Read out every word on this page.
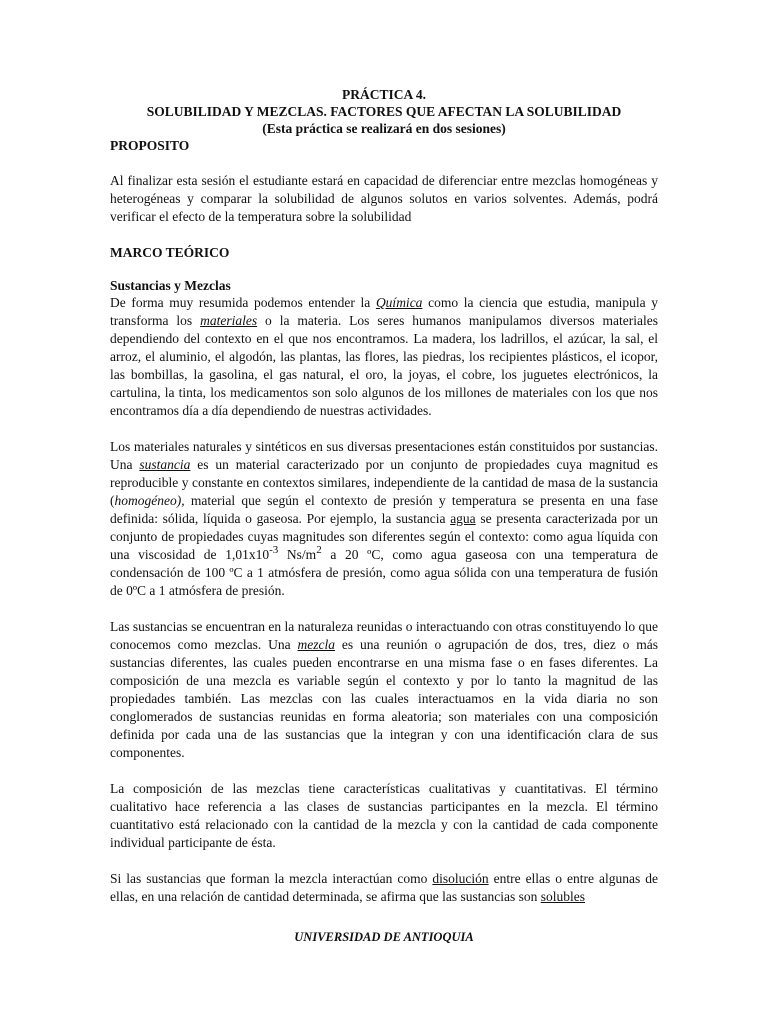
PRÁCTICA 4.
SOLUBILIDAD Y MEZCLAS. FACTORES QUE AFECTAN LA SOLUBILIDAD
(Esta práctica se realizará en dos sesiones)
PROPOSITO

Al finalizar esta sesión el estudiante estará en capacidad de diferenciar entre mezclas homogéneas y heterogéneas y comparar la solubilidad de algunos solutos en varios solventes. Además, podrá verificar el efecto de la temperatura sobre la solubilidad

MARCO TEÓRICO
Sustancias y Mezclas

De forma muy resumida podemos entender la Química como la ciencia que estudia, manipula y transforma los materiales o la materia. Los seres humanos manipulamos diversos materiales dependiendo del contexto en el que nos encontramos. La madera, los ladrillos, el azúcar, la sal, el arroz, el aluminio, el algodón, las plantas, las flores, las piedras, los recipientes plásticos, el icopor, las bombillas, la gasolina, el gas natural, el oro, la joyas, el cobre, los juguetes electrónicos, la cartulina, la tinta, los medicamentos son solo algunos de los millones de materiales con los que nos encontramos día a día dependiendo de nuestras actividades.

Los materiales naturales y sintéticos en sus diversas presentaciones están constituidos por sustancias. Una sustancia es un material caracterizado por un conjunto de propiedades cuya magnitud es reproducible y constante en contextos similares, independiente de la cantidad de masa de la sustancia (homogéneo), material que según el contexto de presión y temperatura se presenta en una fase definida: sólida, líquida o gaseosa. Por ejemplo, la sustancia agua se presenta caracterizada por un conjunto de propiedades cuyas magnitudes son diferentes según el contexto: como agua líquida con una viscosidad de $1,01x10^{-3}$ $Ns/m^2$ a 20 ºC, como agua gaseosa con una temperatura de condensación de 100 ºC a 1 atmósfera de presión, como agua sólida con una temperatura de fusión de 0ºC a 1 atmósfera de presión.

Las sustancias se encuentran en la naturaleza reunidas o interactuando con otras constituyendo lo que conocemos como mezclas. Una mezcla es una reunión o agrupación de dos, tres, diez o más sustancias diferentes, las cuales pueden encontrarse en una misma fase o en fases diferentes. La composición de una mezcla es variable según el contexto y por lo tanto la magnitud de las propiedades también. Las mezclas con las cuales interactuamos en la vida diaria no son conglomerados de sustancias reunidas en forma aleatoria; son materiales con una composición definida por cada una de las sustancias que la integran y con una identificación clara de sus componentes.

La composición de las mezclas tiene características cualitativas y cuantitativas. El término cualitativo hace referencia a las clases de sustancias participantes en la mezcla. El término cuantitativo está relacionado con la cantidad de la mezcla y con la cantidad de cada componente individual participante de ésta.

Si las sustancias que forman la mezcla interactúan como disolución entre ellas o entre algunas de ellas, en una relación de cantidad determinada, se afirma que las sustancias son solubles

UNIVERSIDAD DE ANTIOQUIA
